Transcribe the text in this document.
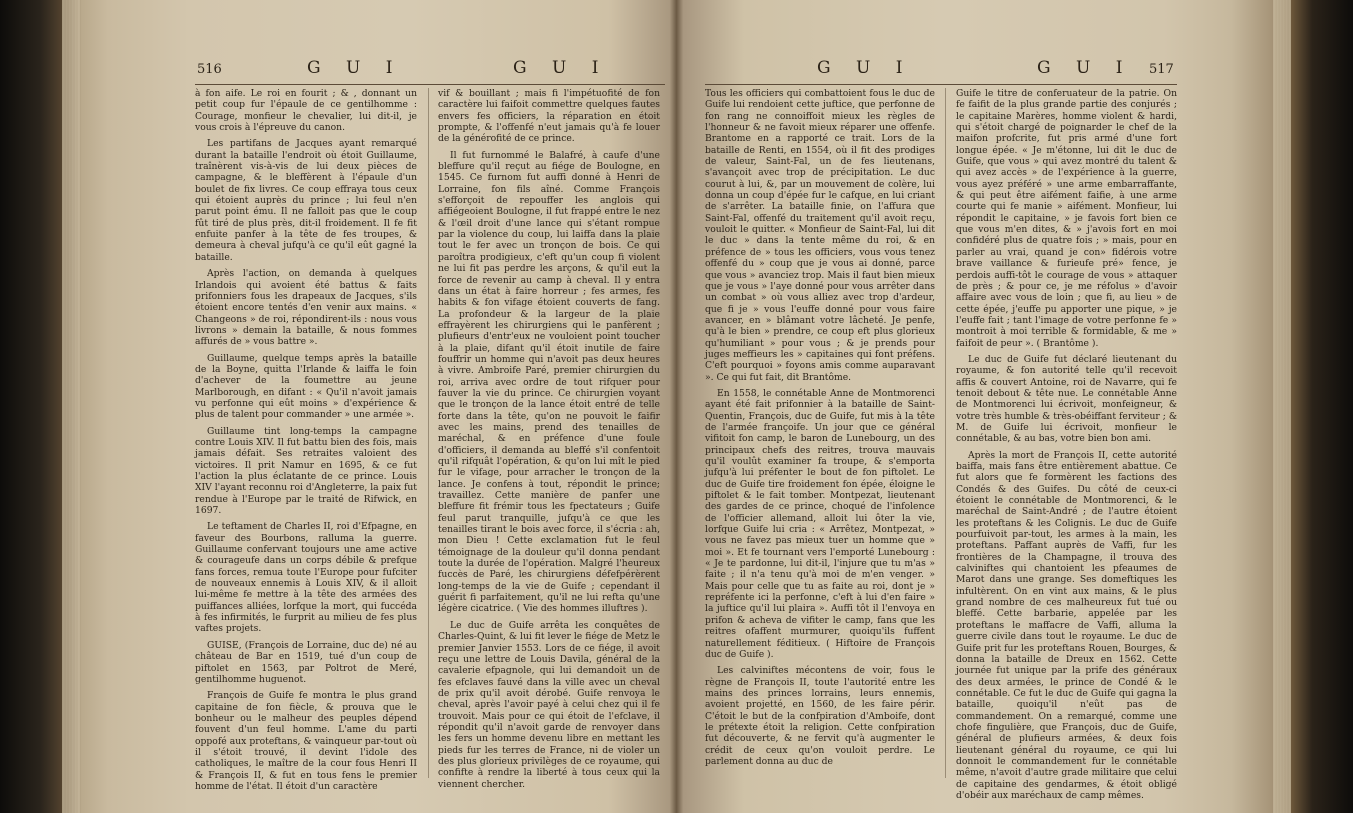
516	G U I	G U I

à fon aife. Le roi en fourit ; & , donnant un petit coup fur l'épaule de ce gentilhomme : Courage, monfieur le chevalier, lui dit-il, je vous crois à l'épreuve du canon.

Les partifans de Jacques ayant remarqué durant la bataille l'endroit où étoit Guillaume, traînèrent vis-à-vis de lui deux pièces de campagne, & le bleffèrent à l'épaule d'un boulet de fix livres. Ce coup effraya tous ceux qui étoient auprès du prince ; lui feul n'en parut point ému. Il ne falloit pas que le coup fût tiré de plus près, dit-il froidement. Il fe fit enfuite panfer à la tête de fes troupes, & demeura à cheval jufqu'à ce qu'il eût gagné la bataille.

Après l'action, on demanda à quelques Irlandois qui avoient été battus & faits prifonniers fous les drapeaux de Jacques, s'ils étoient encore tentés d'en venir aux mains. « Changeons » de roi, répondirent-ils : nous vous livrons » demain la bataille, & nous fommes affurés de » vous battre ».

Guillaume, quelque temps après la bataille de la Boyne, quitta l'Irlande & laiffa le foin d'achever de la foumettre au jeune Marlborough, en difant : « Qu'il n'avoit jamais vu perfonne qui eût moins » d'expérience & plus de talent pour commander » une armée ».

Guillaume tint long-temps la campagne contre Louis XIV. Il fut battu bien des fois, mais jamais défait. Ses retraites valoient des victoires. Il prit Namur en 1695, & ce fut l'action la plus éclatante de ce prince. Louis XIV l'ayant reconnu roi d'Angleterre, la paix fut rendue à l'Europe par le traité de Rifwick, en 1697.

Le teftament de Charles II, roi d'Efpagne, en faveur des Bourbons, ralluma la guerre. Guillaume confervant toujours une ame active & courageufe dans un corps débile & prefque fans forces, remua toute l'Europe pour fufciter de nouveaux ennemis à Louis XIV, & il alloit lui-même fe mettre à la tête des armées des puiffances alliées, lorfque la mort, qui fuccéda à fes infirmités, le furprit au milieu de fes plus vaftes projets.

GUISE, (François de Lorraine, duc de) né au château de Bar en 1519, tué d'un coup de piftolet en 1563, par Poltrot de Meré, gentilhomme huguenot.

François de Guife fe montra le plus grand capitaine de fon fiècle, & prouva que le bonheur ou le malheur des peuples dépend fouvent d'un feul homme. L'ame du parti oppofé aux proteftans, & vainqueur par-tout où il s'étoit trouvé, il devint l'idole des catholiques, le maître de la cour fous Henri II & François II, & fut en tous fens le premier homme de l'état. Il étoit d'un caractère

vif & bouillant ; mais fi l'impétuofité de fon caractère lui faifoit commettre quelques fautes envers fes officiers, la réparation en étoit prompte, & l'offenfé n'eut jamais qu'à fe louer de la générofité de ce prince.

Il fut furnommé le Balafré, à caufe d'une bleffure qu'il reçut au fiége de Boulogne, en 1545. Ce furnom fut auffi donné à Henri de Lorraine, fon fils aîné. Comme François s'efforçoit de repouffer les anglois qui affiégeoient Boulogne, il fut frappé entre le nez & l'œil droit d'une lance qui s'étant rompue par la violence du coup, lui laiffa dans la plaie tout le fer avec un tronçon de bois. Ce qui paroîtra prodigieux, c'eft qu'un coup fi violent ne lui fit pas perdre les arçons, & qu'il eut la force de revenir au camp à cheval. Il y entra dans un état à faire horreur ; fes armes, fes habits & fon vifage étoient couverts de fang. La profondeur & la largeur de la plaie effrayèrent les chirurgiens qui le panfèrent ; plufieurs d'entr'eux ne vouloient point toucher à la plaie, difant qu'il étoit inutile de faire fouffrir un homme qui n'avoit pas deux heures à vivre. Ambroife Paré, premier chirurgien du roi, arriva avec ordre de tout rifquer pour fauver la vie du prince. Ce chirurgien voyant que le tronçon de la lance étoit entré de telle forte dans la tête, qu'on ne pouvoit le faifir avec les mains, prend des tenailles de maréchal, & en préfence d'une foule d'officiers, il demanda au bleffé s'il confentoit qu'il rifquât l'opération, & qu'on lui mît le pied fur le vifage, pour arracher le tronçon de la lance. Je confens à tout, répondit le prince; travaillez. Cette manière de panfer une bleffure fit frémir tous les fpectateurs ; Guife feul parut tranquille, jufqu'à ce que les tenailles tirant le bois avec force, il s'écria : ah, mon Dieu ! Cette exclamation fut le feul témoignage de la douleur qu'il donna pendant toute la durée de l'opération. Malgré l'heureux fuccès de Paré, les chirurgiens défefpérèrent long-temps de la vie de Guife ; cependant il guérit fi parfaitement, qu'il ne lui refta qu'une légère cicatrice. ( Vie des hommes illuftres ).

Le duc de Guife arrêta les conquêtes de Charles-Quint, & lui fit lever le fiége de Metz le premier Janvier 1553. Lors de ce fiége, il avoit reçu une lettre de Louis Davila, général de la cavalerie efpagnole, qui lui demandoit un de fes efclaves fauvé dans la ville avec un cheval de prix qu'il avoit dérobé. Guife renvoya le cheval, après l'avoir payé à celui chez qui il fe trouvoit. Mais pour ce qui étoit de l'efclave, il répondit qu'il n'avoit garde de renvoyer dans les fers un homme devenu libre en mettant les pieds fur les terres de France, ni de violer un des plus glorieux privilèges de ce royaume, qui confifte à rendre la liberté à tous ceux qui la viennent chercher.

G U I	G U I 517

Tous les officiers qui combattoient fous le duc de Guife lui rendoient cette juftice, que perfonne de fon rang ne connoiffoit mieux les règles de l'honneur & ne favoit mieux réparer une offenfe. Brantome en a rapporté ce trait. Lors de la bataille de Renti, en 1554, où il fit des prodiges de valeur, Saint-Fal, un de fes lieutenans, s'avançoit avec trop de précipitation. Le duc courut à lui, &, par un mouvement de colère, lui donna un coup d'épée fur le cafque, en lui criant de s'arrêter. La bataille finie, on l'affura que Saint-Fal, offenfé du traitement qu'il avoit reçu, vouloit le quitter. « Monfieur de Saint-Fal, lui dit le duc » dans la tente même du roi, & en préfence de » tous les officiers, vous vous tenez offenfé du » coup que je vous ai donné, parce que vous » avanciez trop. Mais il faut bien mieux que je vous » l'aye donné pour vous arrêter dans un combat » où vous alliez avec trop d'ardeur, que fi je » vous l'euffe donné pour vous faire avancer, en » blâmant votre lâcheté. Je penfe, qu'à le bien » prendre, ce coup eft plus glorieux qu'humiliant » pour vous ; & je prends pour juges meffieurs les » capitaines qui font préfens. C'eft pourquoi » foyons amis comme auparavant ». Ce qui fut fait, dit Brantôme.

En 1558, le connétable Anne de Montmorenci ayant été fait prifonnier à la bataille de Saint-Quentin, François, duc de Guife, fut mis à la tête de l'armée françoife. Un jour que ce général vifitoit fon camp, le baron de Lunebourg, un des principaux chefs des reitres, trouva mauvais qu'il voulût examiner fa troupe, & s'emporta jufqu'à lui préfenter le bout de fon piftolet. Le duc de Guife tire froidement fon épée, éloigne le piftolet & le fait tomber. Montpezat, lieutenant des gardes de ce prince, choqué de l'infolence de l'officier allemand, alloit lui ôter la vie, lorfque Guife lui cria : « Arrêtez, Montpezat, » vous ne favez pas mieux tuer un homme que » moi ». Et fe tournant vers l'emporté Lunebourg : « Je te pardonne, lui dit-il, l'injure que tu m'as » faite ; il n'a tenu qu'à moi de m'en venger. » Mais pour celle que tu as faite au roi, dont je » repréfente ici la perfonne, c'eft à lui d'en faire » la juftice qu'il lui plaira ». Auffi tôt il l'envoya en prifon & acheva de vifiter le camp, fans que les reitres ofaffent murmurer, quoiqu'ils fuffent naturellement féditieux. ( Hiftoire de François duc de Guife ).

Les calviniftes mécontens de voir, fous le règne de François II, toute l'autorité entre les mains des princes lorrains, leurs ennemis, avoient projetté, en 1560, de les faire périr. C'étoit le but de la confpiration d'Amboife, dont le prétexte étoit la religion. Cette confpiration fut découverte, & ne fervit qu'à augmenter le crédit de ceux qu'on vouloit perdre. Le parlement donna au duc de

Guife le titre de conferuateur de la patrie. On fe faifit de la plus grande partie des conjurés ; le capitaine Marères, homme violent & hardi, qui s'étoit chargé de poignarder le chef de la maifon profcrite, fut pris armé d'une fort longue épée. « Je m'étonne, lui dit le duc de Guife, que vous » qui avez montré du talent & qui avez accès » de l'expérience à la guerre, vous ayez préféré » une arme embarraffante, & qui peut être aifément faifie, à une arme courte qui fe manie » aifément. Monfieur, lui répondit le capitaine, » je favois fort bien ce que vous m'en dites, & » j'avois fort en moi confidéré plus de quatre fois ; » mais, pour en parler au vrai, quand je con» fidérois votre brave vaillance & furieufe pré» fence, je perdois auffi-tôt le courage de vous » attaquer de près ; & pour ce, je me réfolus » d'avoir affaire avec vous de loin ; que fi, au lieu » de cette épée, j'euffe pu apporter une pique, » je l'euffe fait ; tant l'image de votre perfonne fe » montroit à moi terrible & formidable, & me » faifoit de peur ». ( Brantôme ).

Le duc de Guife fut déclaré lieutenant du royaume, & fon autorité telle qu'il recevoit affis & couvert Antoine, roi de Navarre, qui fe tenoit debout & tête nue. Le connétable Anne de Montmorenci lui écrivoit, monfeigneur, & votre très humble & très-obéiffant ferviteur ; & M. de Guife lui écrivoit, monfieur le connétable, & au bas, votre bien bon ami.

Après la mort de François II, cette autorité baiffa, mais fans être entièrement abattue. Ce fut alors que fe formèrent les factions des Condés & des Guifes. Du côté de ceux-ci étoient le connétable de Montmorenci, & le maréchal de Saint-André ; de l'autre étoient les proteftans & les Colignis. Le duc de Guife pourfuivoit par-tout, les armes à la main, les proteftans. Paffant auprès de Vaffi, fur les frontières de la Champagne, il trouva des calviniftes qui chantoient les pfeaumes de Marot dans une grange. Ses domeftiques les infultèrent. On en vint aux mains, & le plus grand nombre de ces malheureux fut tué ou bleffé. Cette barbarie, appelée par les proteftans le maffacre de Vaffi, alluma la guerre civile dans tout le royaume. Le duc de Guife prit fur les proteftans Rouen, Bourges, & donna la bataille de Dreux en 1562. Cette journée fut unique par la prife des généraux des deux armées, le prince de Condé & le connétable. Ce fut le duc de Guife qui gagna la bataille, quoiqu'il n'eût pas de commandement. On a remarqué, comme une chofe fingulière, que François, duc de Guife, général de plufieurs armées, & deux fois lieutenant général du royaume, ce qui lui donnoit le commandement fur le connétable même, n'avoit d'autre grade militaire que celui de capitaine des gendarmes, & étoit obligé d'obéir aux maréchaux de camp mêmes.
